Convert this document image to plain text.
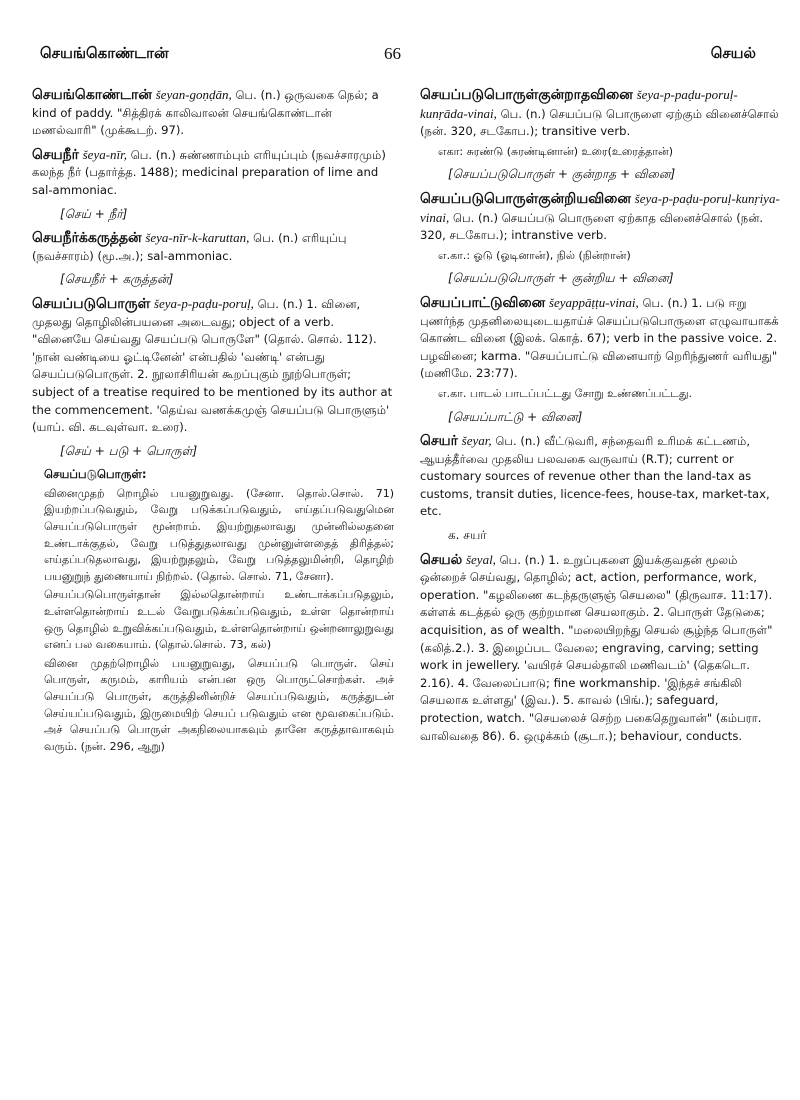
செயங்கொண்டான்	66	செயல்
செயங்கொண்டான் šeyan-goṇḍān, பெ. (n.) ஒருவகை நெல்; a kind of paddy. "சித்திரக் காலிவாலன் செயங்கொண்டான் மணல்வாரி" (முக்கூடற். 97).
செயநீர் šeya-nīr, பெ. (n.) சுண்ணாம்பும் எரியுப்பும் (நவச்சாரமும்) கலந்த நீர் (பதார்த்த. 1488); medicinal preparation of lime and sal-ammoniac.
[செய் + நீர்]
செயநீர்க்கருத்தன் šeya-nīr-k-karuttan, பெ. (n.) எரியுப்பு (நவச்சாரம்) (மூ.அ.); sal-ammoniac.
[செயநீர் + கருத்தன்]
செயப்படுபொருள் šeya-p-paḍu-poruḷ, பெ. (n.) 1. வினை, முதலது தொழிலின்பயனை அடைவது; object of a verb. "வினையே செய்வது செயப்படு பொருளே" (தொல். சொல். 112). 'நான் வண்டியை ஓட்டினேன்' என்பதில் 'வண்டி' என்பது செயப்படுபொருள். 2. நூலாசிரியன் கூறப்புகும் நூற்பொருள்; subject of a treatise required to be mentioned by its author at the commencement. 'தெய்வ வணக்கமுஞ் செயப்படு பொருளும்' (யாப். வி. கடவுள்வா. உரை).
[செய் + படு + பொருள்]
செயப்படுபொருள்:
வினைமுதற் றொழில் பயனுறுவது. (சேனா. தொல்.சொல். 71) இயற்றப்படுவதும், வேறு படுக்கப்படுவதும், எய்தப்படுவதுமென செயப்படுபொருள் மூன்றாம். இயற்றுதலாவது முன்னில்லதனை உண்டாக்குதல், வேறு படுத்துதலாவது முன்னுள்ளதைத் திரித்தல்; எய்தப்படுதலாவது, இயற்றுதலும், வேறு படுத்தலுமின்றி, தொழிற் பயனுறுந் துணையாய் நிற்றல். (தொல். சொல். 71, சேனா).
செயப்படுபொருள்தான் இல்லதொன்றாய் உண்டாக்கப்படுதலும், உள்ளதொன்றாய் உடல் வேறுபடுக்கப்படுவதும், உள்ள தொன்றாய் ஒரு தொழில் உறுவிக்கப்படுவதும், உள்ளதொன்றாய் ஒன்றனாலுறுவது எனப் பல வகையாம். (தொல்.சொல். 73, கல்)
வினை முதற்றொழில் பயனுறுவது, செயப்படு பொருள். செய் பொருள், கருமம், காரியம் என்பன ஒரு பொருட்சொற்கள். அச் செயப்படு பொருள், கருத்தினின்றிச் செயப்படுவதும், கருத்துடன் செய்யப்படுவதும், இருமையிற் செயப் படுவதும் என மூவகைப்படும். அச் செயப்படு பொருள் அகநிலையாகவும் தானே கருத்தாவாகவும் வரும். (நன். 296, ஆறு)
செயப்படுபொருள்குன்றாதவினை šeya-p-paḍu-poruḷ-kunṛāda-vinai, பெ. (n.) செயப்படு பொருளை ஏற்கும் வினைச்சொல் (நன். 320, சடகோப.); transitive verb.
எகா: சுரண்டு (சுரண்டினான்) உரை(உரைத்தான்)
[செயப்படுபொருள் + குன்றாத + வினை]
செயப்படுபொருள்குன்றியவினை šeya-p-paḍu-poruḷ-kunṛiya-vinai, பெ. (n.) செயப்படு பொருளை ஏற்காத வினைச்சொல் (நன். 320, சடகோப.); intranstive verb.
எ.கா.: ஓடு (ஓடினான்), நில் (நின்றான்)
[செயப்படுபொருள் + குன்றிய + வினை]
செயப்பாட்டுவினை šeyappāṭṭu-vinai, பெ. (n.) 1. படு ஈறு புணர்ந்த முதனிலையுடையதாய்ச் செயப்படுபொருளை எழுவாயாகக் கொண்ட வினை (இலக். கொத். 67); verb in the passive voice. 2. பழவினை; karma. "செயப்பாட்டு வினையாற் றெரிந்துணர் வரியது" (மணிமே. 23:77).
எ.கா. பாடல் பாடப்பட்டது சோறு உண்ணப்பட்டது.
[செயப்பாட்டு + வினை]
செயர் šeyar, பெ. (n.) வீட்டுவரி, சந்தைவரி உரிமக் கட்டணம், ஆயத்தீர்வை முதலிய பலவகை வருவாய் (R.T); current or customary sources of revenue other than the land-tax as customs, transit duties, licence-fees, house-tax, market-tax, etc.
க. சயர்
செயல் šeyal, பெ. (n.) 1. உறுப்புகளை இயக்குவதன் மூலம் ஒன்றைச் செய்வது, தொழில்; act, action, performance, work, operation. "கழலிணை கடந்தருளுஞ் செயலை" (திருவாச. 11:17). கள்ளக் கடத்தல் ஒரு குற்றமான செயலாகும். 2. பொருள் தேடுகை; acquisition, as of wealth. "மலையிறந்து செயல் சூழ்ந்த பொருள்" (கலித்.2.). 3. இழைப்பட வேலை; engraving, carving; setting work in jewellery. 'வயிரச் செயல்தாலி மணிவடம்' (தெகடொ. 2.16). 4. வேலைப்பாடு; fine workmanship. 'இந்தச் சங்கிலி செயலாக உள்ளது' (இவ.). 5. காவல் (பிங்.); safeguard, protection, watch. "செயலைச் செற்ற பகைதெறுவான்" (கம்பரா. வாலிவதை 86). 6. ஒழுக்கம் (சூடா.); behaviour, conducts.
